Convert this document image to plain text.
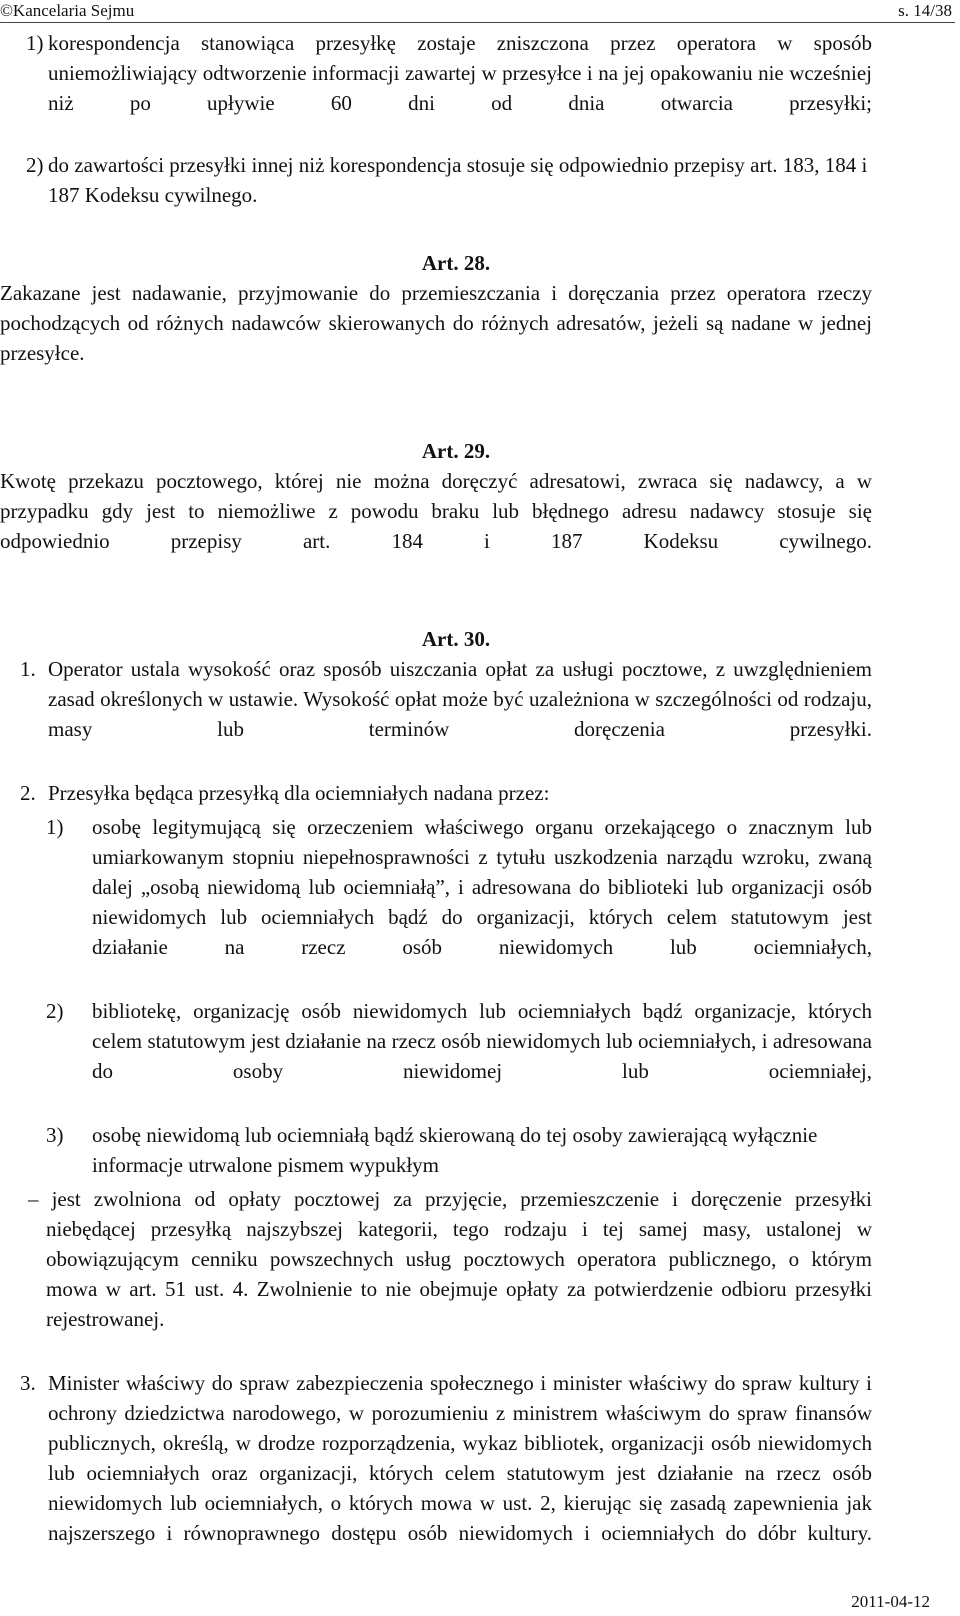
©Kancelaria Sejmu	s. 14/38

1) korespondencja stanowiąca przesyłkę zostaje zniszczona przez operatora w sposób uniemożliwiający odtworzenie informacji zawartej w przesyłce i na jej opakowaniu nie wcześniej niż po upływie 60 dni od dnia otwarcia przesyłki;

2) do zawartości przesyłki innej niż korespondencja stosuje się odpowiednio przepisy art. 183, 184 i 187 Kodeksu cywilnego.

Art. 28.

Zakazane jest nadawanie, przyjmowanie do przemieszczania i doręczania przez operatora rzeczy pochodzących od różnych nadawców skierowanych do różnych adresatów, jeżeli są nadane w jednej przesyłce.

Art. 29.

Kwotę przekazu pocztowego, której nie można doręczyć adresatowi, zwraca się nadawcy, a w przypadku gdy jest to niemożliwe z powodu braku lub błędnego adresu nadawcy stosuje się odpowiednio przepisy art. 184 i 187 Kodeksu cywilnego.

Art. 30.

1. Operator ustala wysokość oraz sposób uiszczania opłat za usługi pocztowe, z uwzględnieniem zasad określonych w ustawie. Wysokość opłat może być uzależniona w szczególności od rodzaju, masy lub terminów doręczenia przesyłki.

2. Przesyłka będąca przesyłką dla ociemniałych nadana przez:

1) osobę legitymującą się orzeczeniem właściwego organu orzekającego o znacznym lub umiarkowanym stopniu niepełnosprawności z tytułu uszkodzenia narządu wzroku, zwaną dalej „osobą niewidomą lub ociemniałą”, i adresowana do biblioteki lub organizacji osób niewidomych lub ociemniałych bądź do organizacji, których celem statutowym jest działanie na rzecz osób niewidomych lub ociemniałych,

2) bibliotekę, organizację osób niewidomych lub ociemniałych bądź organizacje, których celem statutowym jest działanie na rzecz osób niewidomych lub ociemniałych, i adresowana do osoby niewidomej lub ociemniałej,

3) osobę niewidomą lub ociemniałą bądź skierowaną do tej osoby zawierającą wyłącznie informacje utrwalone pismem wypukłym

– jest zwolniona od opłaty pocztowej za przyjęcie, przemieszczenie i doręczenie przesyłki niebędącej przesyłką najszybszej kategorii, tego rodzaju i tej samej masy, ustalonej w obowiązującym cenniku powszechnych usług pocztowych operatora publicznego, o którym mowa w art. 51 ust. 4. Zwolnienie to nie obejmuje opłaty za potwierdzenie odbioru przesyłki rejestrowanej.

3. Minister właściwy do spraw zabezpieczenia społecznego i minister właściwy do spraw kultury i ochrony dziedzictwa narodowego, w porozumieniu z ministrem właściwym do spraw finansów publicznych, określą, w drodze rozporządzenia, wykaz bibliotek, organizacji osób niewidomych lub ociemniałych oraz organizacji, których celem statutowym jest działanie na rzecz osób niewidomych lub ociemniałych, o których mowa w ust. 2, kierując się zasadą zapewnienia jak najszerszego i równoprawnego dostępu osób niewidomych i ociemniałych do dóbr kultury.

2011-04-12
